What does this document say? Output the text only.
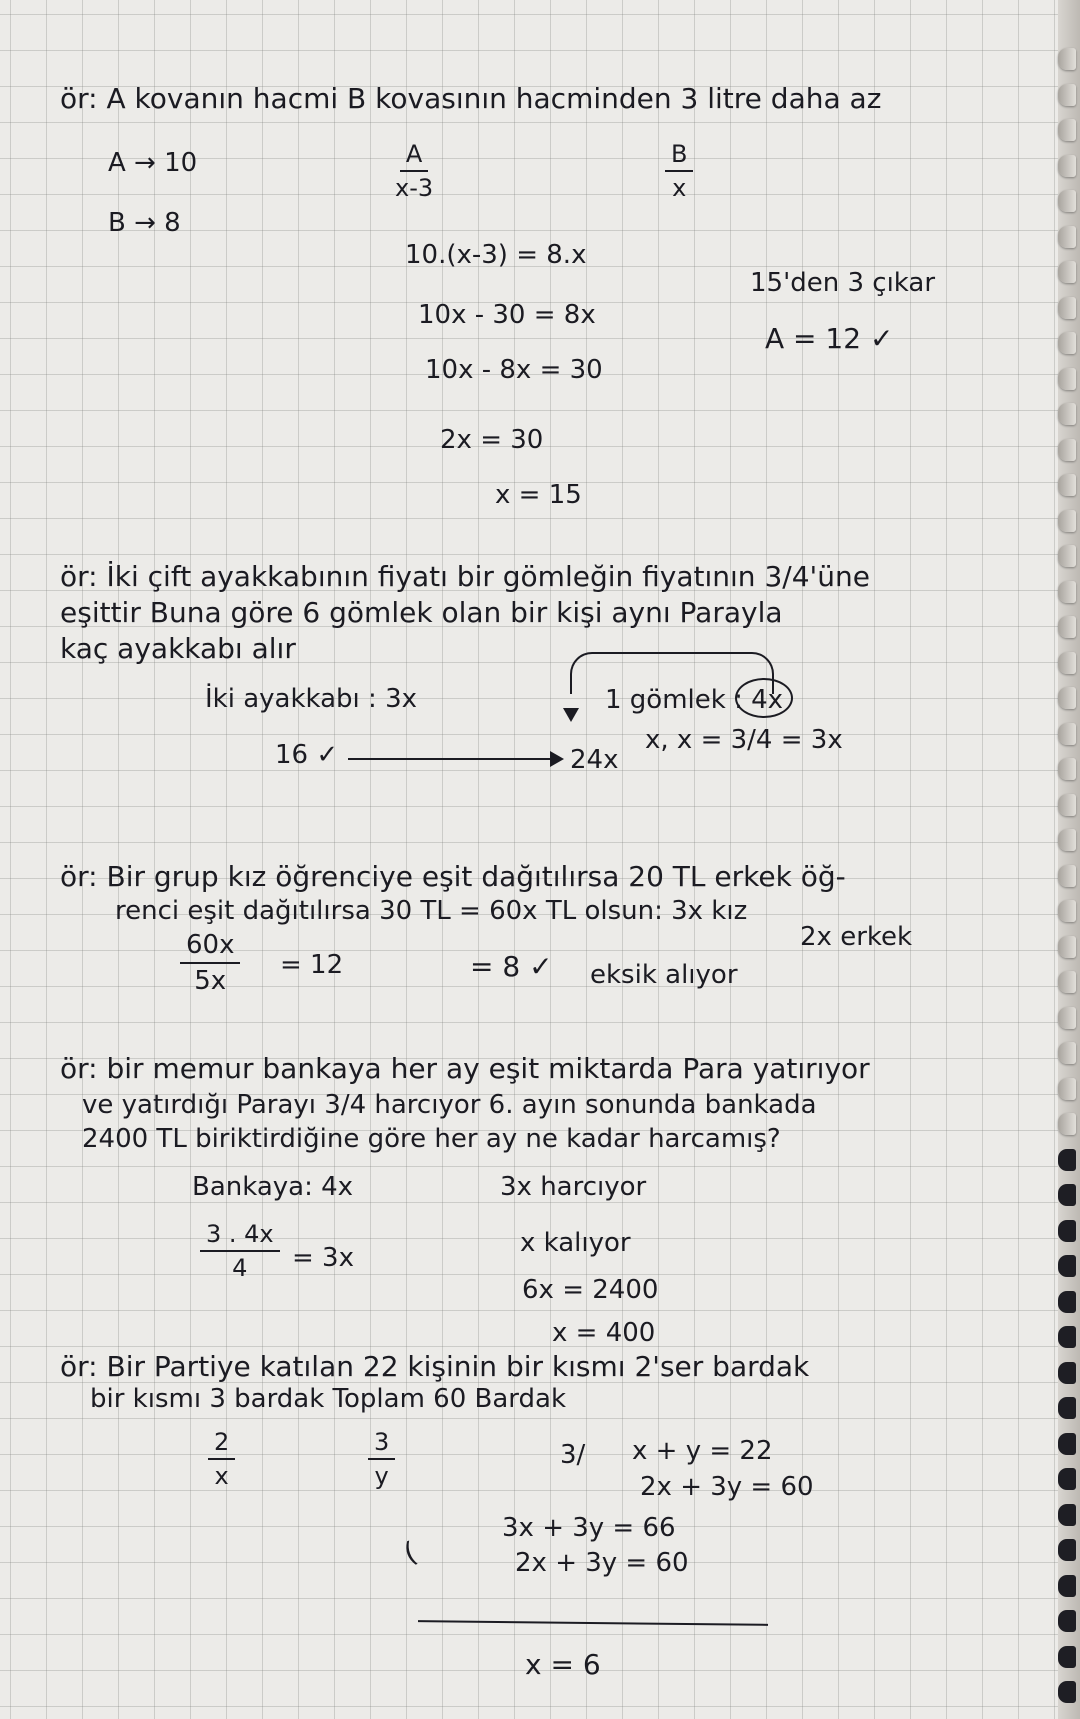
ör: A kovanın hacmi B kovasının hacminden 3 litre daha az
A → 10
B → 8
$\frac{A}{x-3}$	$\frac{B}{x}$
10.(x-3) = 8.x
10x - 30 = 8x
10x - 8x = 30
2x = 30
x = 15
15'den 3 çıkar
A = 12 ✓
ör: İki çift ayakkabının fiyatı bir gömleğin fiyatının 3/4'üne
eşittir Buna göre 6 gömlek olan bir kişi aynı Parayla
kaç ayakkabı alır
İki ayakkabı : 3x	1 gömlek : 4x
16 ✓	24x
x, x = 3/4 = 3x
ör: Bir grup kız öğrenciye eşit dağıtılırsa 20 TL erkek öğ-
renci eşit dağıtılırsa 30 TL = 60x TL olsun: 3x kız
2x erkek
$\frac{60x}{5x} = 12$	= 8 ✓ eksik alıyor
ör: bir memur bankaya her ay eşit miktarda Para yatırıyor
ve yatırdığı Parayı 3/4 harcıyor 6. ayın sonunda bankada
2400 TL biriktirdiğine göre her ay ne kadar harcamış?
Bankaya: 4x	3x harcıyor
$\frac{3 . 4x}{4} = 3x$	x kalıyor
6x = 2400
x = 400
ör: Bir Partiye katılan 22 kişinin bir kısmı 2'ser bardak
bir kısmı 3 bardak Toplam 60 Bardak
$\frac{2}{x}$	$\frac{3}{y}$	3/ x + y = 22
2x + 3y = 60
3x + 3y = 66
2x + 3y = 60
(
x = 6
